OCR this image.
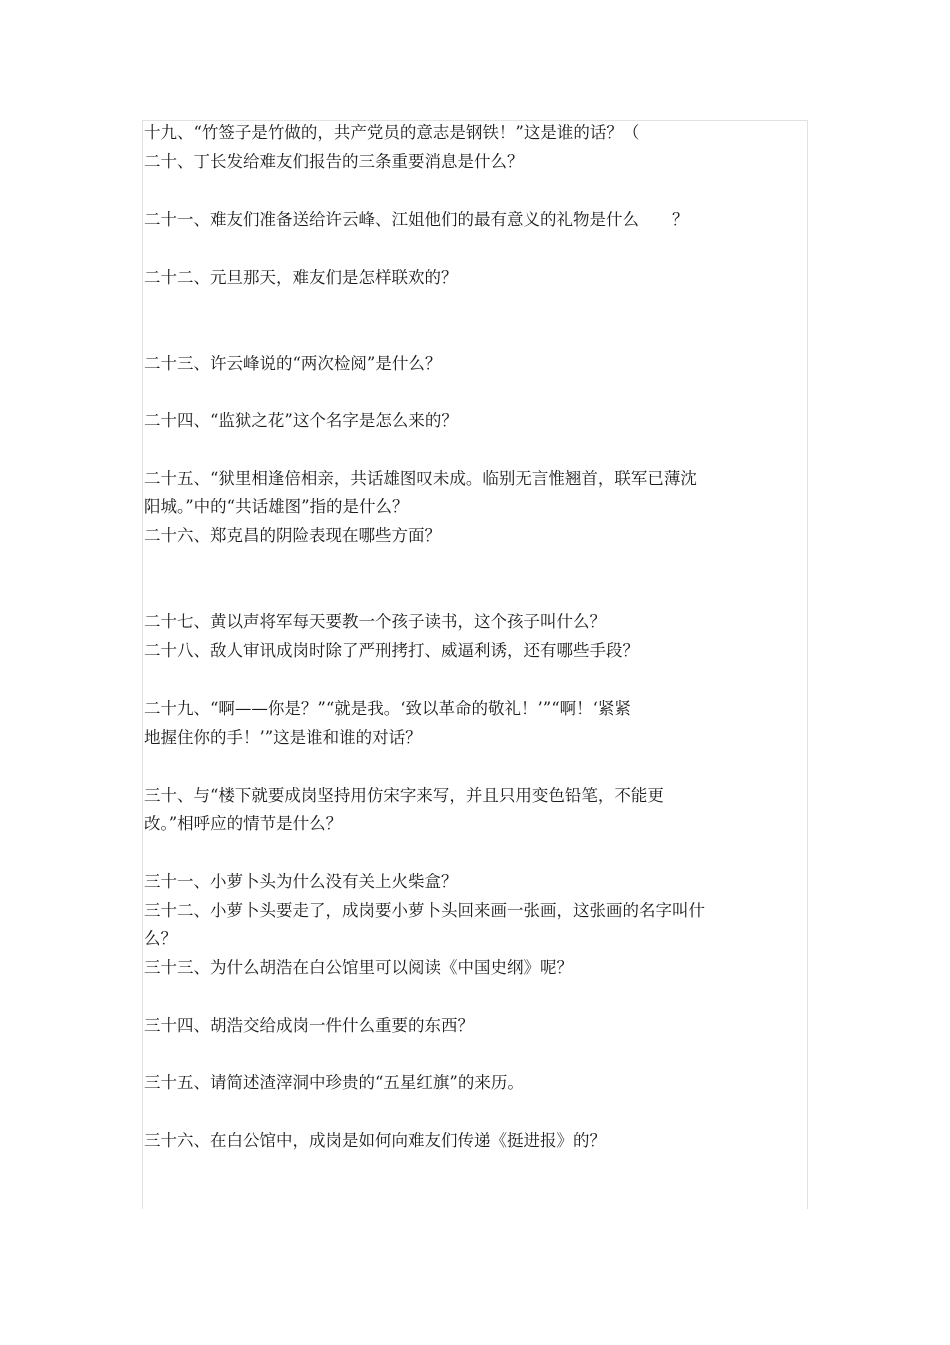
十九、“竹签子是竹做的，共产党员的意志是钢铁！”这是谁的话？（

二十、丁长发给难友们报告的三条重要消息是什么？

二十一、难友们准备送给许云峰、江姐他们的最有意义的礼物是什么　　？

二十二、元旦那天，难友们是怎样联欢的？

二十三、许云峰说的“两次检阅”是什么？

二十四、“监狱之花”这个名字是怎么来的？

二十五、“狱里相逢倍相亲，共话雄图叹未成。临别无言惟翘首，联军已薄沈

阳城。”中的“共话雄图”指的是什么？

二十六、郑克昌的阴险表现在哪些方面？

二十七、黄以声将军每天要教一个孩子读书，这个孩子叫什么？

二十八、敌人审讯成岗时除了严刑拷打、威逼利诱，还有哪些手段？

二十九、“啊——你是？”“就是我。‘致以革命的敬礼！’”“啊！‘紧紧

地握住你的手！’”这是谁和谁的对话？

三十、与“楼下就要成岗坚持用仿宋字来写，并且只用变色铅笔，不能更

改。”相呼应的情节是什么？

三十一、小萝卜头为什么没有关上火柴盒？

三十二、小萝卜头要走了，成岗要小萝卜头回来画一张画，这张画的名字叫什

么？

三十三、为什么胡浩在白公馆里可以阅读《中国史纲》呢？

三十四、胡浩交给成岗一件什么重要的东西？

三十五、请简述渣滓洞中珍贵的“五星红旗”的来历。

三十六、在白公馆中，成岗是如何向难友们传递《挺进报》的？
